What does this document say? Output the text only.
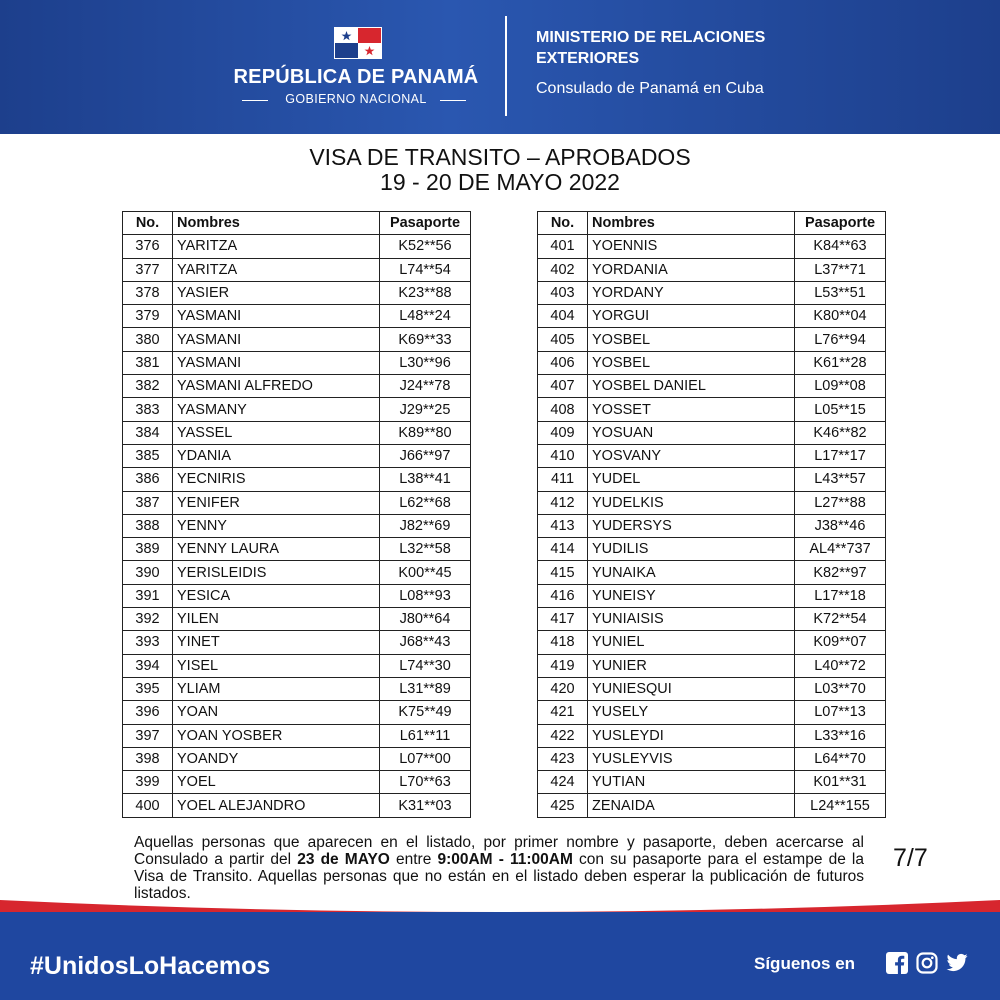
REPÚBLICA DE PANAMÁ
GOBIERNO NACIONAL
MINISTERIO DE RELACIONES EXTERIORES
Consulado de Panamá en Cuba
VISA DE TRANSITO – APROBADOS
19 - 20 DE MAYO 2022
No.	Nombres	Pasaporte
376	YARITZA	K52**56
377	YARITZA	L74**54
378	YASIER	K23**88
379	YASMANI	L48**24
380	YASMANI	K69**33
381	YASMANI	L30**96
382	YASMANI ALFREDO	J24**78
383	YASMANY	J29**25
384	YASSEL	K89**80
385	YDANIA	J66**97
386	YECNIRIS	L38**41
387	YENIFER	L62**68
388	YENNY	J82**69
389	YENNY LAURA	L32**58
390	YERISLEIDIS	K00**45
391	YESICA	L08**93
392	YILEN	J80**64
393	YINET	J68**43
394	YISEL	L74**30
395	YLIAM	L31**89
396	YOAN	K75**49
397	YOAN YOSBER	L61**11
398	YOANDY	L07**00
399	YOEL	L70**63
400	YOEL ALEJANDRO	K31**03
No.	Nombres	Pasaporte
401	YOENNIS	K84**63
402	YORDANIA	L37**71
403	YORDANY	L53**51
404	YORGUI	K80**04
405	YOSBEL	L76**94
406	YOSBEL	K61**28
407	YOSBEL DANIEL	L09**08
408	YOSSET	L05**15
409	YOSUAN	K46**82
410	YOSVANY	L17**17
411	YUDEL	L43**57
412	YUDELKIS	L27**88
413	YUDERSYS	J38**46
414	YUDILIS	AL4**737
415	YUNAIKA	K82**97
416	YUNEISY	L17**18
417	YUNIAISIS	K72**54
418	YUNIEL	K09**07
419	YUNIER	L40**72
420	YUNIESQUI	L03**70
421	YUSELY	L07**13
422	YUSLEYDI	L33**16
423	YUSLEYVIS	L64**70
424	YUTIAN	K01**31
425	ZENAIDA	L24**155
Aquellas personas que aparecen en el listado, por primer nombre y pasaporte, deben acercarse al Consulado a partir del 23 de MAYO entre 9:00AM - 11:00AM con su pasaporte para el estampe de la Visa de Transito. Aquellas personas que no están en el listado deben esperar la publicación de futuros listados.
7/7
#UnidosLoHacemos	Síguenos en
